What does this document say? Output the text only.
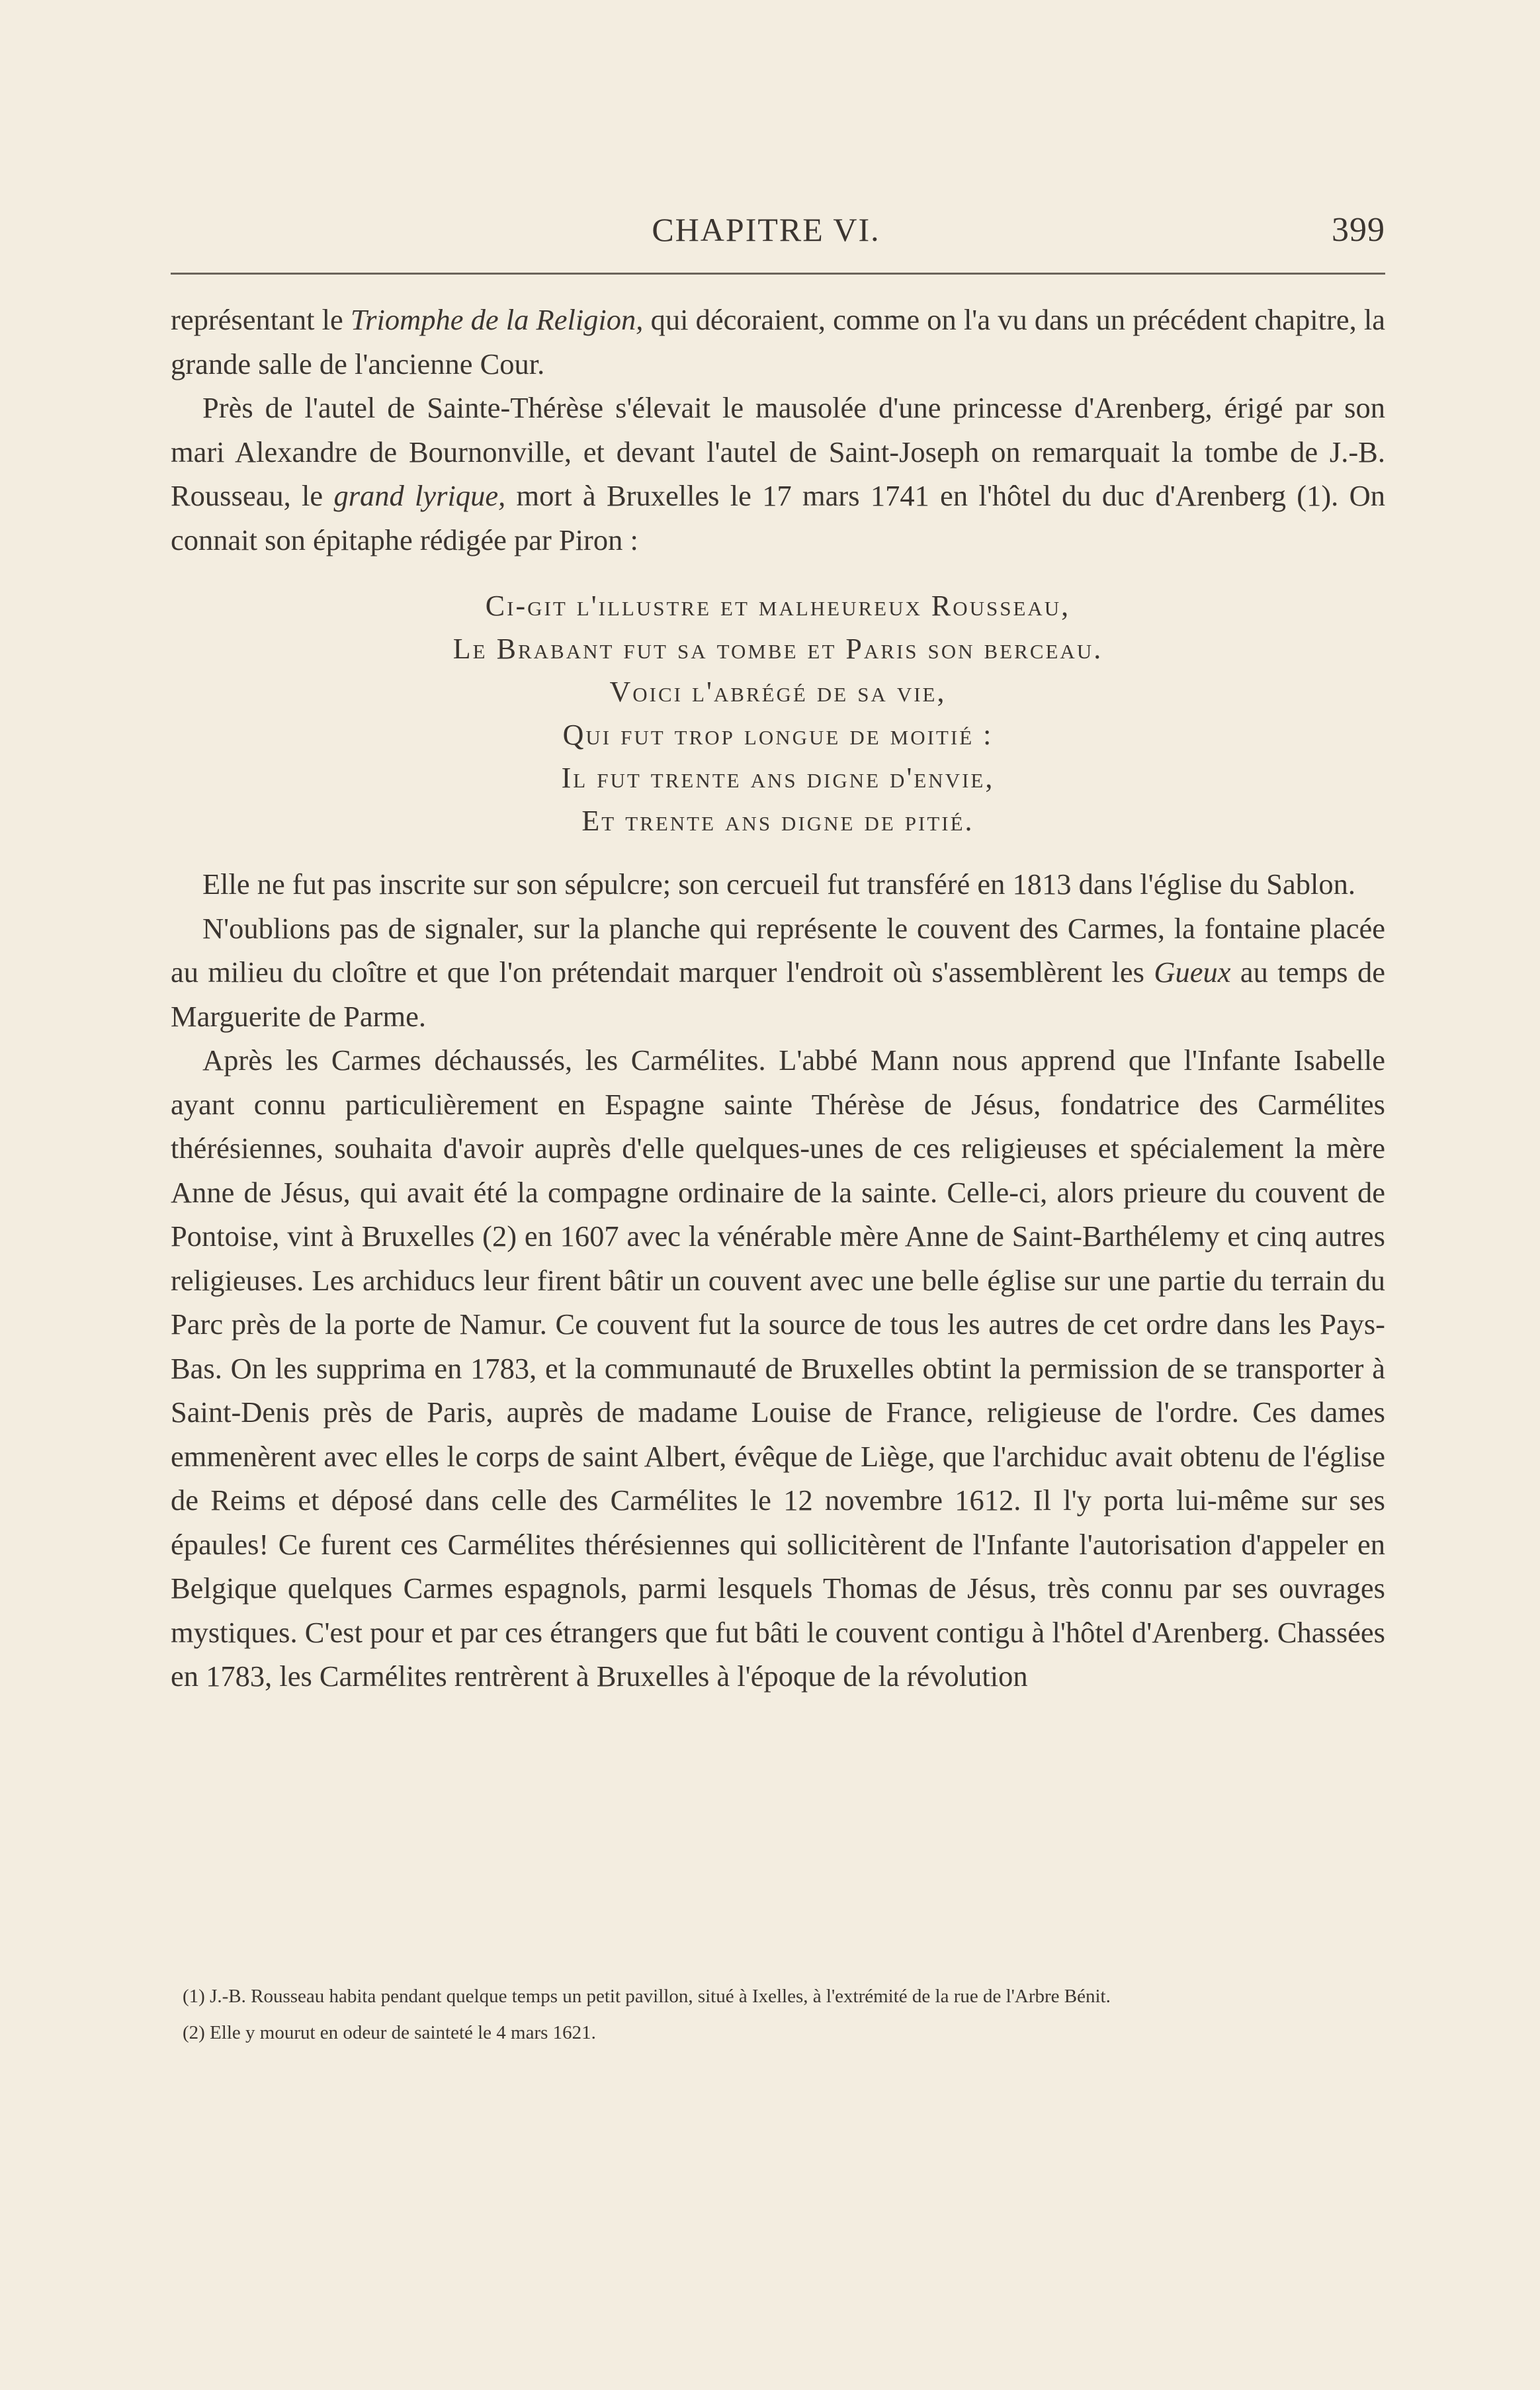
CHAPITRE VI.	399

représentant le Triomphe de la Religion, qui décoraient, comme on l'a vu dans un précédent chapitre, la grande salle de l'ancienne Cour.

Près de l'autel de Sainte-Thérèse s'élevait le mausolée d'une princesse d'Arenberg, érigé par son mari Alexandre de Bournonville, et devant l'autel de Saint-Joseph on remarquait la tombe de J.-B. Rousseau, le grand lyrique, mort à Bruxelles le 17 mars 1741 en l'hôtel du duc d'Arenberg (1). On connait son épitaphe rédigée par Piron :

Ci-git l'illustre et malheureux Rousseau,
Le Brabant fut sa tombe et Paris son berceau.
Voici l'abrégé de sa vie,
Qui fut trop longue de moitié :
Il fut trente ans digne d'envie,
Et trente ans digne de pitié.

Elle ne fut pas inscrite sur son sépulcre; son cercueil fut transféré en 1813 dans l'église du Sablon.

N'oublions pas de signaler, sur la planche qui représente le couvent des Carmes, la fontaine placée au milieu du cloître et que l'on prétendait marquer l'endroit où s'assemblèrent les Gueux au temps de Marguerite de Parme.

Après les Carmes déchaussés, les Carmélites. L'abbé Mann nous apprend que l'Infante Isabelle ayant connu particulièrement en Espagne sainte Thérèse de Jésus, fondatrice des Carmélites thérésiennes, souhaita d'avoir auprès d'elle quelques-unes de ces religieuses et spécialement la mère Anne de Jésus, qui avait été la compagne ordinaire de la sainte. Celle-ci, alors prieure du couvent de Pontoise, vint à Bruxelles (2) en 1607 avec la vénérable mère Anne de Saint-Barthélemy et cinq autres religieuses. Les archiducs leur firent bâtir un couvent avec une belle église sur une partie du terrain du Parc près de la porte de Namur. Ce couvent fut la source de tous les autres de cet ordre dans les Pays-Bas. On les supprima en 1783, et la communauté de Bruxelles obtint la permission de se transporter à Saint-Denis près de Paris, auprès de madame Louise de France, religieuse de l'ordre. Ces dames emmenèrent avec elles le corps de saint Albert, évêque de Liège, que l'archiduc avait obtenu de l'église de Reims et déposé dans celle des Carmélites le 12 novembre 1612. Il l'y porta lui-même sur ses épaules! Ce furent ces Carmélites thérésiennes qui sollicitèrent de l'Infante l'autorisation d'appeler en Belgique quelques Carmes espagnols, parmi lesquels Thomas de Jésus, très connu par ses ouvrages mystiques. C'est pour et par ces étrangers que fut bâti le couvent contigu à l'hôtel d'Arenberg. Chassées en 1783, les Carmélites rentrèrent à Bruxelles à l'époque de la révolution

(1) J.-B. Rousseau habita pendant quelque temps un petit pavillon, situé à Ixelles, à l'extrémité de la rue de l'Arbre Bénit.

(2) Elle y mourut en odeur de sainteté le 4 mars 1621.
